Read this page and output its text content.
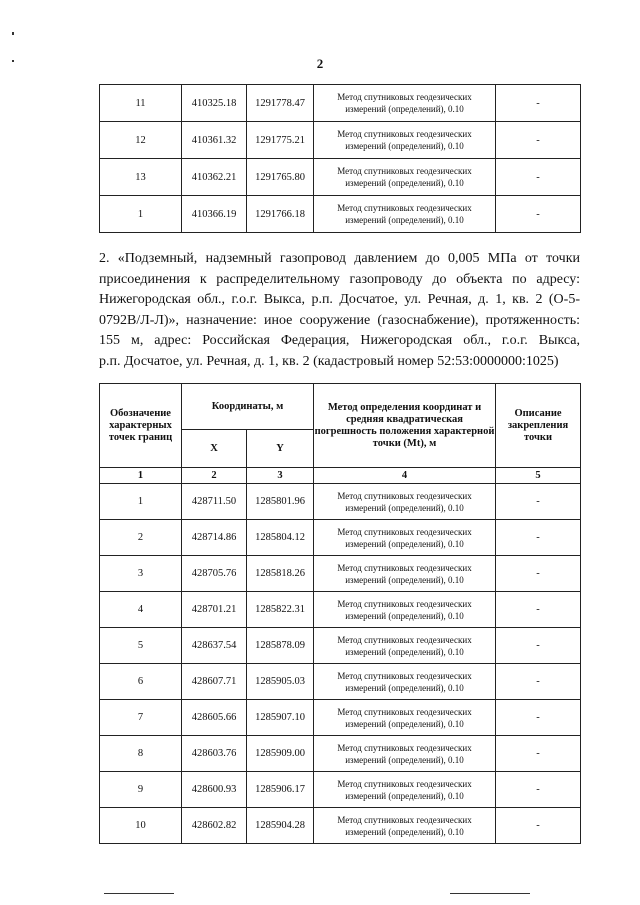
2
11	410325.18	1291778.47	Метод спутниковых геодезических измерений (определений), 0.10	-
12	410361.32	1291775.21	Метод спутниковых геодезических измерений (определений), 0.10	-
13	410362.21	1291765.80	Метод спутниковых геодезических измерений (определений), 0.10	-
1	410366.19	1291766.18	Метод спутниковых геодезических измерений (определений), 0.10	-
2. «Подземный, надземный газопровод давлением до 0,005 МПа от точки присоединения к распределительному газопроводу до объекта по адресу: Нижегородская обл., г.о.г. Выкса, р.п. Досчатое, ул. Речная, д. 1, кв. 2 (О-5-0792В/Л-Л)», назначение: иное сооружение (газоснабжение), протяженность: 155 м, адрес: Российская Федерация, Нижегородская обл., г.о.г. Выкса,
р.п. Досчатое, ул. Речная, д. 1, кв. 2 (кадастровый номер 52:53:0000000:1025)
Обозначение характерных точек границ	Координаты, м		Метод определения координат и средняя квадратическая погрешность положения характерной точки (Mt), м	Описание закрепления точки
	X	Y		
1	2	3	4	5
1	428711.50	1285801.96	Метод спутниковых геодезических измерений (определений), 0.10	-
2	428714.86	1285804.12	Метод спутниковых геодезических измерений (определений), 0.10	-
3	428705.76	1285818.26	Метод спутниковых геодезических измерений (определений), 0.10	-
4	428701.21	1285822.31	Метод спутниковых геодезических измерений (определений), 0.10	-
5	428637.54	1285878.09	Метод спутниковых геодезических измерений (определений), 0.10	-
6	428607.71	1285905.03	Метод спутниковых геодезических измерений (определений), 0.10	-
7	428605.66	1285907.10	Метод спутниковых геодезических измерений (определений), 0.10	-
8	428603.76	1285909.00	Метод спутниковых геодезических измерений (определений), 0.10	-
9	428600.93	1285906.17	Метод спутниковых геодезических измерений (определений), 0.10	-
10	428602.82	1285904.28	Метод спутниковых геодезических измерений (определений), 0.10	-
